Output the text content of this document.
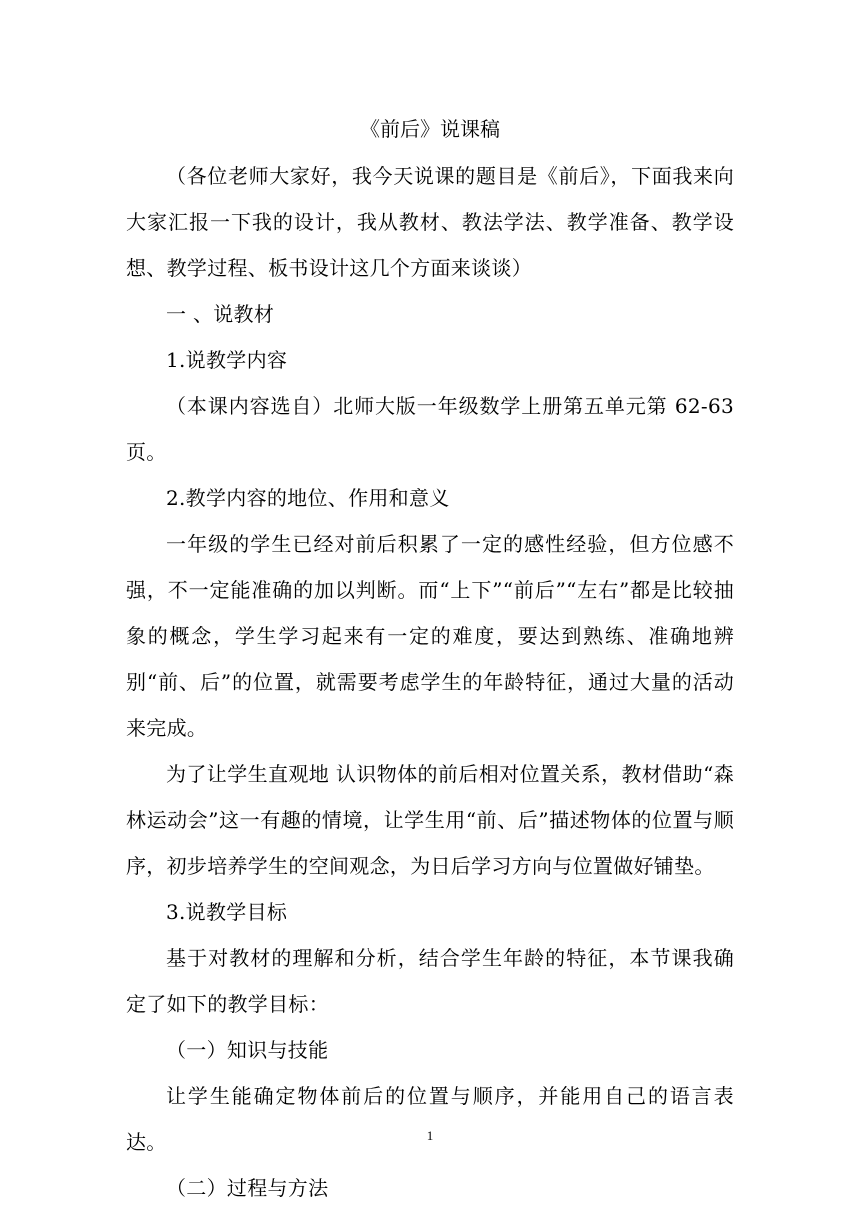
《前后》说课稿

（各位老师大家好，我今天说课的题目是《前后》，下面我来向大家汇报一下我的设计，我从教材、教法学法、教学准备、教学设想、教学过程、板书设计这几个方面来谈谈）

一 、说教材

1.说教学内容

（本课内容选自）北师大版一年级数学上册第五单元第 62-63页。

2.教学内容的地位、作用和意义

一年级的学生已经对前后积累了一定的感性经验，但方位感不强，不一定能准确的加以判断。而“上下”“前后”“左右”都是比较抽象的概念，学生学习起来有一定的难度，要达到熟练、准确地辨别“前、后”的位置，就需要考虑学生的年龄特征，通过大量的活动来完成。

为了让学生直观地 认识物体的前后相对位置关系，教材借助“森林运动会”这一有趣的情境，让学生用“前、后”描述物体的位置与顺序，初步培养学生的空间观念，为日后学习方向与位置做好铺垫。

3.说教学目标

基于对教材的理解和分析，结合学生年龄的特征，本节课我确定了如下的教学目标：

（一）知识与技能

让学生能确定物体前后的位置与顺序，并能用自己的语言表达。

（二）过程与方法

1
